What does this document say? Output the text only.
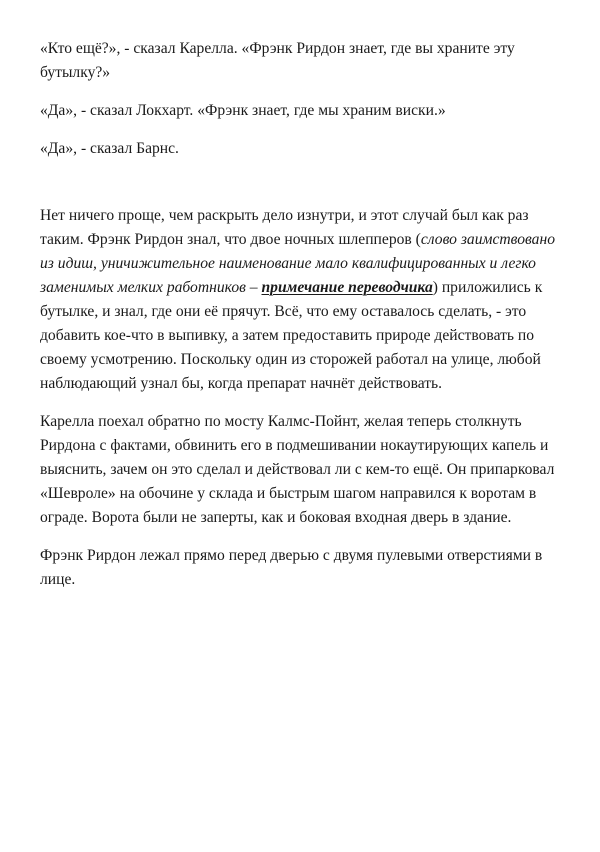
«Кто ещё?», - сказал Карелла. «Фрэнк Рирдон знает, где вы храните эту бутылку?»

«Да», - сказал Локхарт. «Фрэнк знает, где мы храним виски.»

«Да», - сказал Барнс.

Нет ничего проще, чем раскрыть дело изнутри, и этот случай был как раз таким. Фрэнк Рирдон знал, что двое ночных шлепперов (слово заимствовано из идиш, уничижительное наименование мало квалифицированных и легко заменимых мелких работников – примечание переводчика) приложились к бутылке, и знал, где они её прячут. Всё, что ему оставалось сделать, - это добавить кое-что в выпивку, а затем предоставить природе действовать по своему усмотрению. Поскольку один из сторожей работал на улице, любой наблюдающий узнал бы, когда препарат начнёт действовать.

Карелла поехал обратно по мосту Калмс-Пойнт, желая теперь столкнуть Рирдона с фактами, обвинить его в подмешивании нокаутирующих капель и выяснить, зачем он это сделал и действовал ли с кем-то ещё. Он припарковал «Шевроле» на обочине у склада и быстрым шагом направился к воротам в ограде. Ворота были не заперты, как и боковая входная дверь в здание.

Фрэнк Рирдон лежал прямо перед дверью с двумя пулевыми отверстиями в лице.
